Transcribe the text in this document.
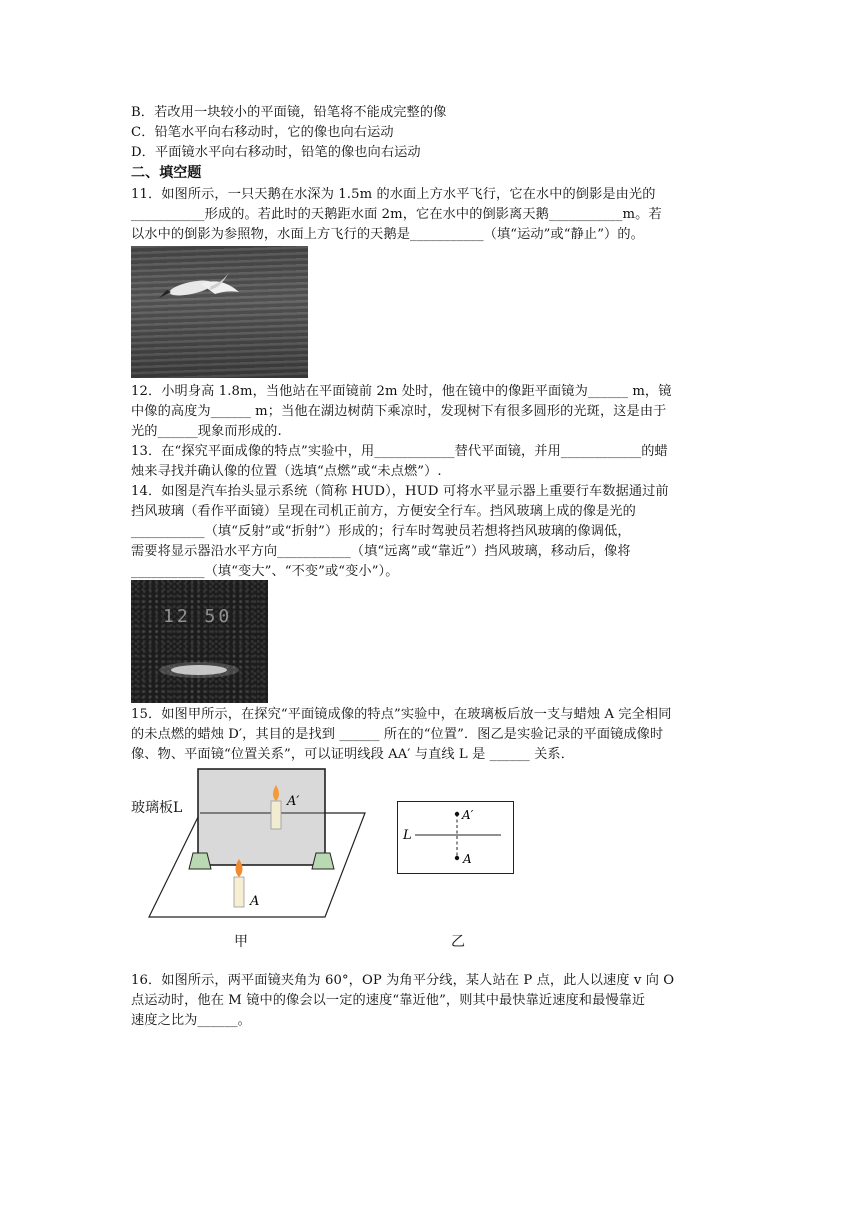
B．若改用一块较小的平面镜，铅笔将不能成完整的像
C．铅笔水平向右移动时，它的像也向右运动
D．平面镜水平向右移动时，铅笔的像也向右运动
二、填空题
11．如图所示，一只天鹅在水深为 1.5m 的水面上方水平飞行，它在水中的倒影是由光的
___________形成的。若此时的天鹅距水面 2m，它在水中的倒影离天鹅___________m。若
以水中的倒影为参照物，水面上方飞行的天鹅是___________（填“运动”或“静止”）的。
12．小明身高 1.8m，当他站在平面镜前 2m 处时，他在镜中的像距平面镜为______ m，镜
中像的高度为______ m；当他在湖边树荫下乘凉时，发现树下有很多圆形的光斑，这是由于
光的______现象而形成的.
13．在“探究平面成像的特点”实验中，用____________替代平面镜，并用____________的蜡
烛来寻找并确认像的位置（选填“点燃”或“未点燃”）.
14．如图是汽车抬头显示系统（简称 HUD），HUD 可将水平显示器上重要行车数据通过前
挡风玻璃（看作平面镜）呈现在司机正前方，方便安全行车。挡风玻璃上成的像是光的
___________（填“反射”或“折射”）形成的；行车时驾驶员若想将挡风玻璃的像调低，
需要将显示器沿水平方向___________（填“远离”或“靠近”）挡风玻璃，移动后，像将
___________（填“变大”、“不变”或“变小”）。
12 50
15．如图甲所示，在探究“平面镜成像的特点”实验中，在玻璃板后放一支与蜡烛 A 完全相同
的未点燃的蜡烛 D′，其目的是找到 ______ 所在的“位置”．图乙是实验记录的平面镜成像时
像、物、平面镜“位置关系”，可以证明线段 AA′ 与直线 L 是 ______ 关系．
A′
A
玻璃板L
甲
L
A′
A
乙
16．如图所示，两平面镜夹角为 60°，OP 为角平分线，某人站在 P 点，此人以速度 v 向 O
点运动时，他在 M 镜中的像会以一定的速度“靠近他”，则其中最快靠近速度和最慢靠近
速度之比为______。
